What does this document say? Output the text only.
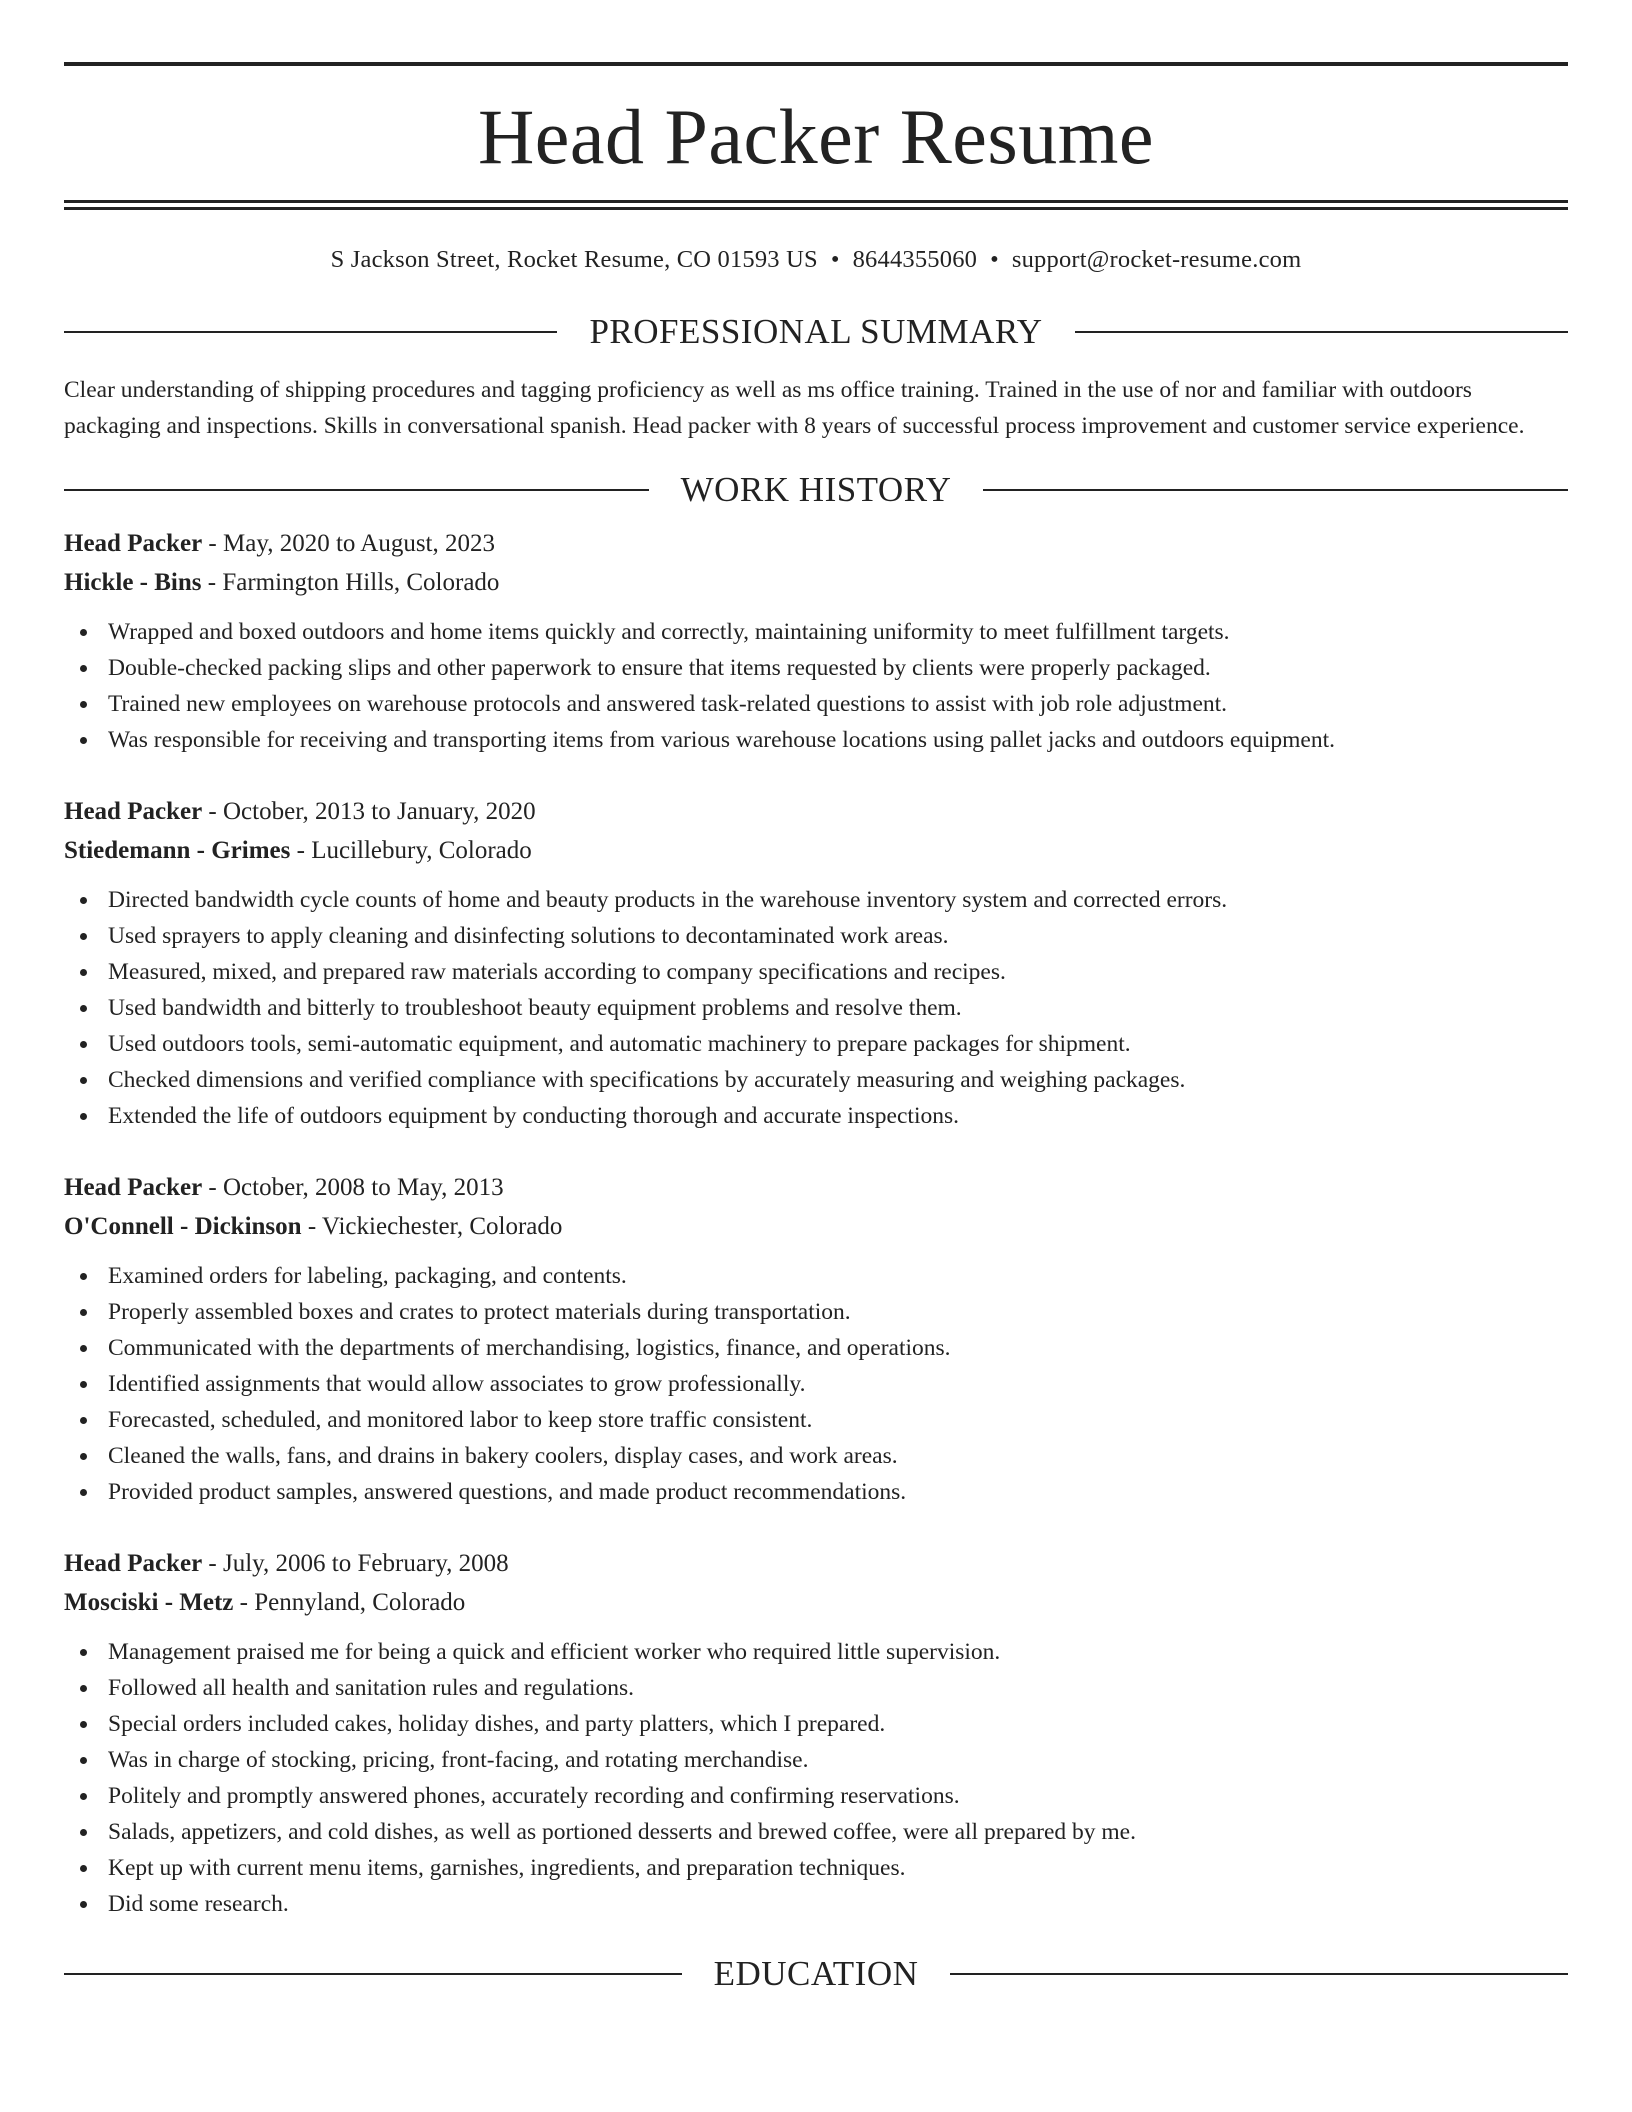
Head Packer Resume
S Jackson Street, Rocket Resume, CO 01593 US • 8644355060 • support@rocket-resume.com
PROFESSIONAL SUMMARY

Clear understanding of shipping procedures and tagging proficiency as well as ms office training. Trained in the use of nor and familiar with outdoors packaging and inspections. Skills in conversational spanish. Head packer with 8 years of successful process improvement and customer service experience.

WORK HISTORY
Head Packer - May, 2020 to August, 2023
Hickle - Bins - Farmington Hills, Colorado
Wrapped and boxed outdoors and home items quickly and correctly, maintaining uniformity to meet fulfillment targets.
Double-checked packing slips and other paperwork to ensure that items requested by clients were properly packaged.
Trained new employees on warehouse protocols and answered task-related questions to assist with job role adjustment.
Was responsible for receiving and transporting items from various warehouse locations using pallet jacks and outdoors equipment.
Head Packer - October, 2013 to January, 2020
Stiedemann - Grimes - Lucillebury, Colorado
Directed bandwidth cycle counts of home and beauty products in the warehouse inventory system and corrected errors.
Used sprayers to apply cleaning and disinfecting solutions to decontaminated work areas.
Measured, mixed, and prepared raw materials according to company specifications and recipes.
Used bandwidth and bitterly to troubleshoot beauty equipment problems and resolve them.
Used outdoors tools, semi-automatic equipment, and automatic machinery to prepare packages for shipment.
Checked dimensions and verified compliance with specifications by accurately measuring and weighing packages.
Extended the life of outdoors equipment by conducting thorough and accurate inspections.
Head Packer - October, 2008 to May, 2013
O'Connell - Dickinson - Vickiechester, Colorado
Examined orders for labeling, packaging, and contents.
Properly assembled boxes and crates to protect materials during transportation.
Communicated with the departments of merchandising, logistics, finance, and operations.
Identified assignments that would allow associates to grow professionally.
Forecasted, scheduled, and monitored labor to keep store traffic consistent.
Cleaned the walls, fans, and drains in bakery coolers, display cases, and work areas.
Provided product samples, answered questions, and made product recommendations.
Head Packer - July, 2006 to February, 2008
Mosciski - Metz - Pennyland, Colorado
Management praised me for being a quick and efficient worker who required little supervision.
Followed all health and sanitation rules and regulations.
Special orders included cakes, holiday dishes, and party platters, which I prepared.
Was in charge of stocking, pricing, front-facing, and rotating merchandise.
Politely and promptly answered phones, accurately recording and confirming reservations.
Salads, appetizers, and cold dishes, as well as portioned desserts and brewed coffee, were all prepared by me.
Kept up with current menu items, garnishes, ingredients, and preparation techniques.
Did some research.
EDUCATION
